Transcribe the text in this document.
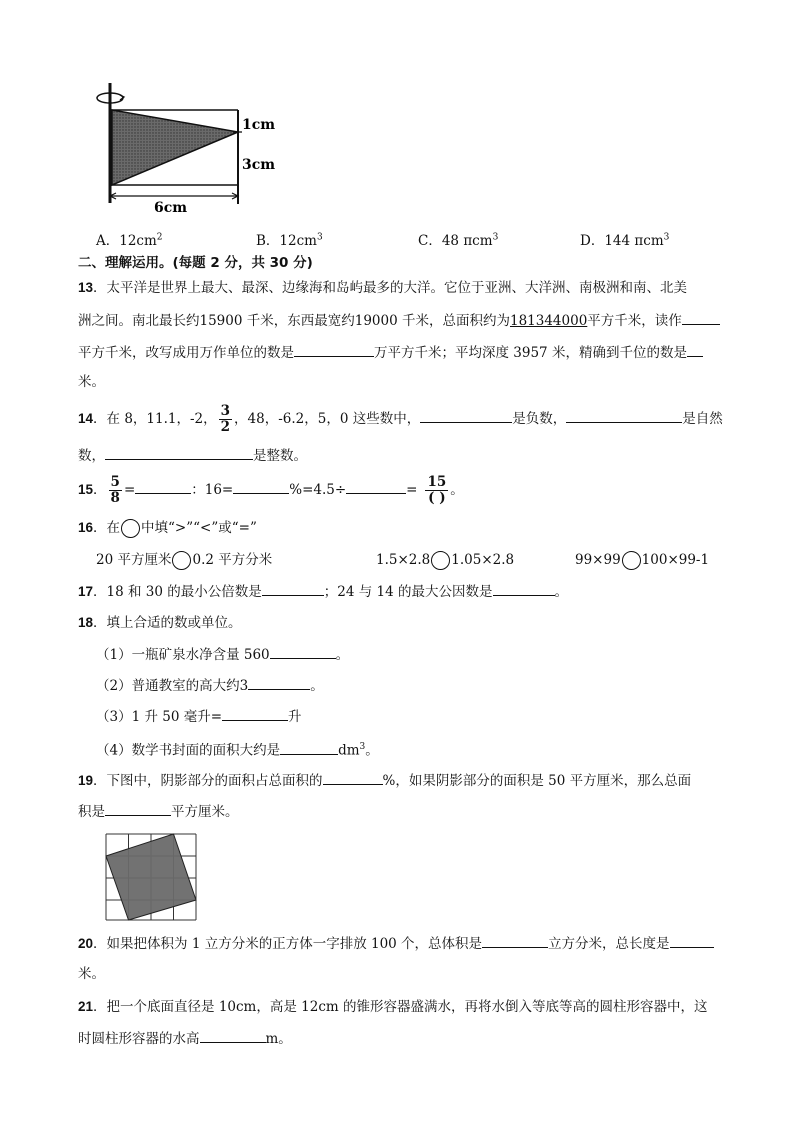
1cm
3cm
6cm
A．$12cm^2$	B．$12cm^3$	C．48 πcm$^3$	D．144 πcm$^3$
二、理解运用。(每题 2 分，共 30 分)
13．太平洋是世界上最大、最深、边缘海和岛屿最多的大洋。它位于亚洲、大洋洲、南极洲和南、北美
洲之间。南北最长约15900 千米，东西最宽约19000 千米，总面积约为181344000平方千米，读作
平方千米，改写成用万作单位的数是	万平方千米；平均深度 3957 米，精确到千位的数是
米。
14．在 8，11.1，-2， $\frac{3}{2}$ ，48，-6.2，5，0 这些数中，	是负数，	是自然
数，	是整数。
15． $\frac{5}{8}$ =	：16=	%=4.5÷	= $\frac{15}{( )}$ 。
16．在 中填“>”“<”或“=”
20 平方厘米 0.2 平方分米	1.5×2.8 1.05×2.8	99×99 100×99-1
17．18 和 30 的最小公倍数是	；24 与 14 的最大公因数是	。
18．填上合适的数或单位。
（1）一瓶矿泉水净含量 560	。
（2）普通教室的高大约3	。
（3）1 升 50 毫升=	升
（4）数学书封面的面积大约是	$dm^3$。
19．下图中，阴影部分的面积占总面积的	%，如果阴影部分的面积是 50 平方厘米，那么总面
积是	平方厘米。
20．如果把体积为 1 立方分米的正方体一字排放 100 个，总体积是	立方分米，总长度是
米。
21．把一个底面直径是 10cm，高是 12cm 的锥形容器盛满水，再将水倒入等底等高的圆柱形容器中，这
时圆柱形容器的水高	m。
